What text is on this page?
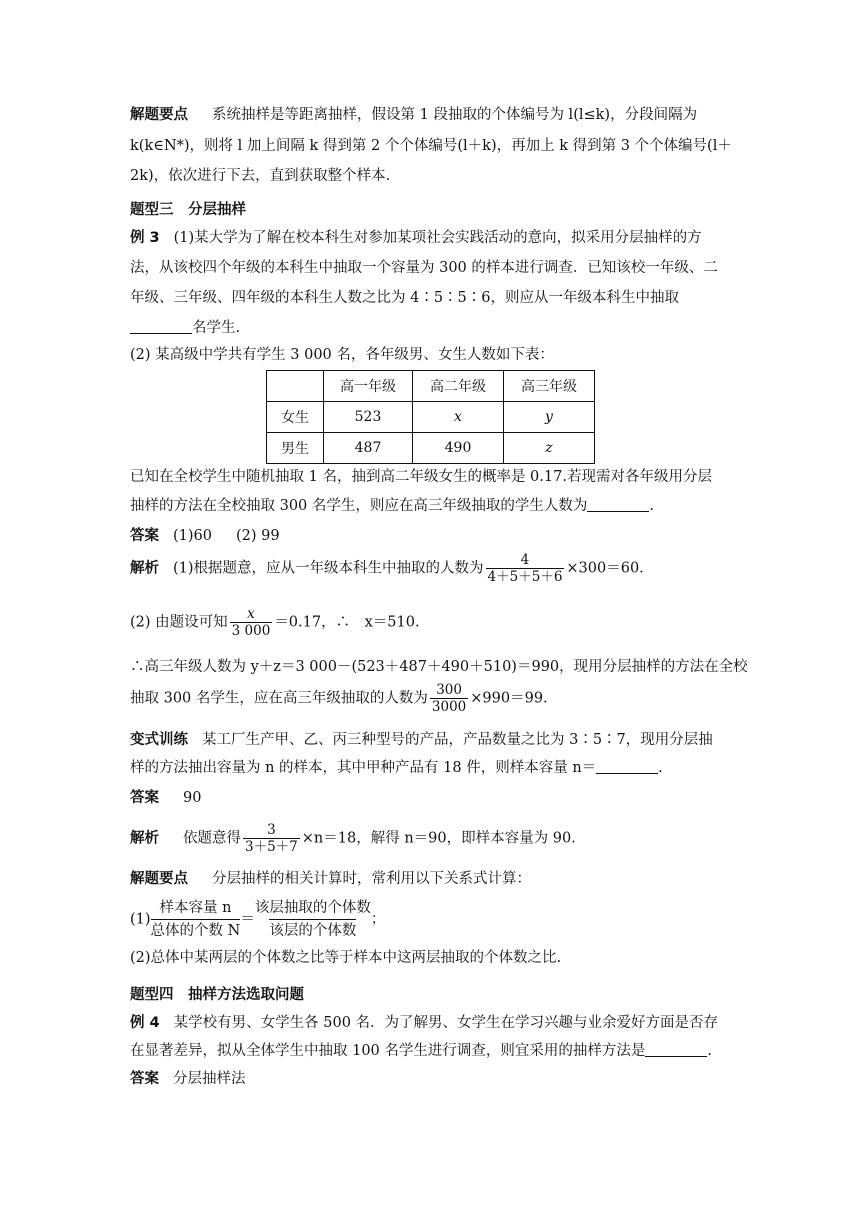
解题要点 系统抽样是等距离抽样，假设第 1 段抽取的个体编号为 l(l≤k)，分段间隔为
k(k∈N*)，则将 l 加上间隔 k 得到第 2 个个体编号(l＋k)，再加上 k 得到第 3 个个体编号(l＋
2k)，依次进行下去，直到获取整个样本.
题型三　分层抽样
例 3 (1)某大学为了解在校本科生对参加某项社会实践活动的意向，拟采用分层抽样的方
法，从该校四个年级的本科生中抽取一个容量为 300 的样本进行调查．已知该校一年级、二
年级、三年级、四年级的本科生人数之比为 4∶5∶5∶6，则应从一年级本科生中抽取
名学生.
(2) 某高级中学共有学生 3 000 名，各年级男、女生人数如下表：
	高一年级	高二年级	高三年级
女生	523	x	y
男生	487	490	z
已知在全校学生中随机抽取 1 名，抽到高二年级女生的概率是 0.17.若现需对各年级用分层
抽样的方法在全校抽取 300 名学生，则应在高三年级抽取的学生人数为	.
答案 (1)60 (2) 99
解析 (1)根据题意，应从一年级本科生中抽取的人数为 $\frac{4}{4+5+5+6} \times 300=60$.
(2) 由题设可知 $\frac{x}{3 000} =0.17$，∴　x＝510.
∴高三年级人数为 y＋z＝3 000－(523＋487＋490＋510)＝990，现用分层抽样的方法在全校
抽取 300 名学生，应在高三年级抽取的人数为 $\frac{300}{3000} \times 990=99$.
变式训练 某工厂生产甲、乙、丙三种型号的产品，产品数量之比为 3∶5∶7，现用分层抽
样的方法抽出容量为 n 的样本，其中甲种产品有 18 件，则样本容量 n＝	.
答案 90
解析 依题意得 $\frac{3}{3+5+7} \times n=18$，解得 n＝90，即样本容量为 90.
解题要点 分层抽样的相关计算时，常利用以下关系式计算：
$(1) \frac{\text{样本容量 n}}{\text{总体的个数 N}} = \frac{\text{该层抽取的个体数}}{\text{该层的个体数}}$ ；
(2)总体中某两层的个体数之比等于样本中这两层抽取的个体数之比.
题型四　抽样方法选取问题
例 4 某学校有男、女学生各 500 名．为了解男、女学生在学习兴趣与业余爱好方面是否存
在显著差异，拟从全体学生中抽取 100 名学生进行调查，则宜采用的抽样方法是	.
答案 分层抽样法
